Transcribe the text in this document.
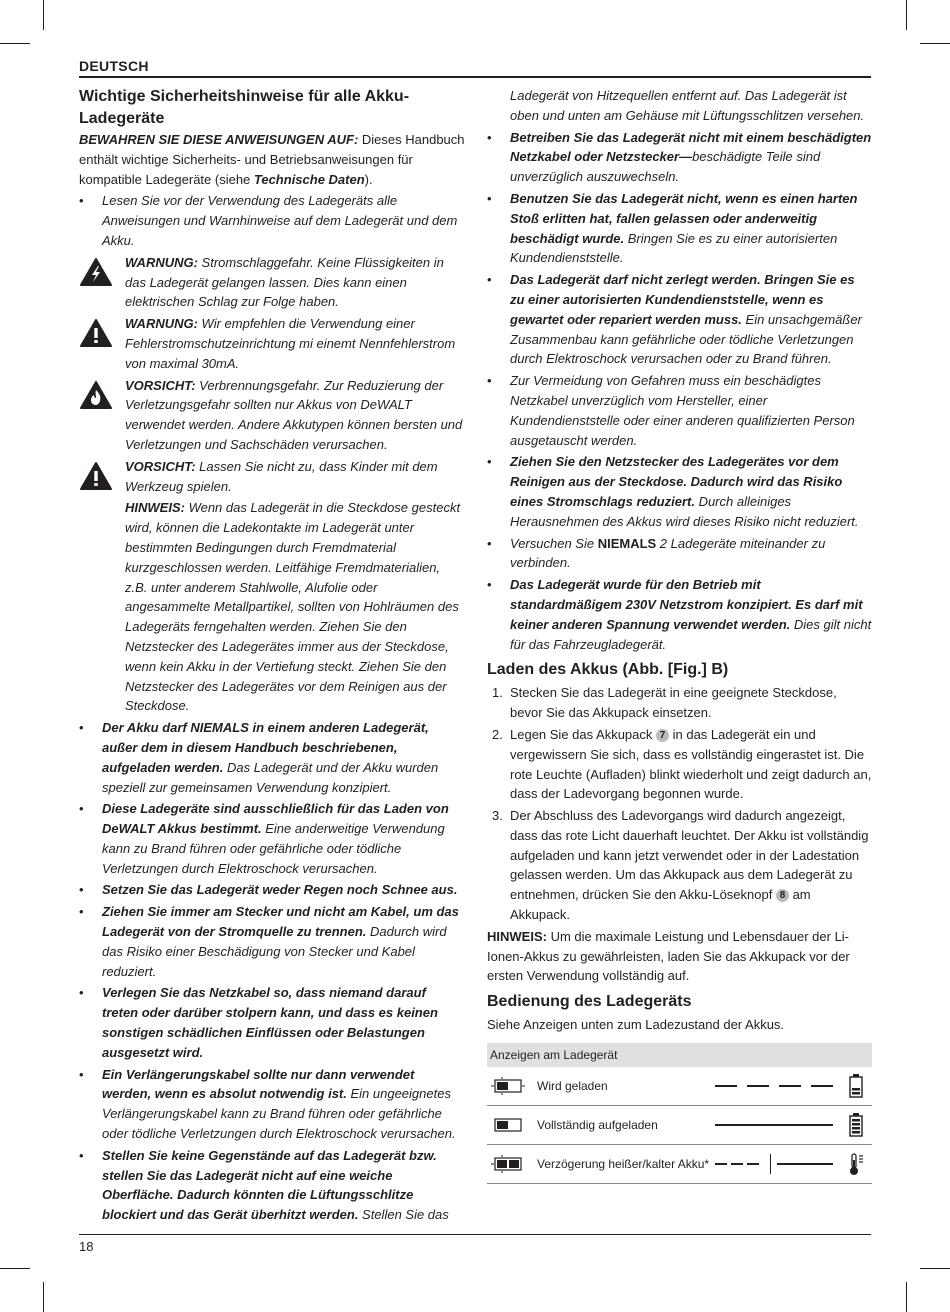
DEUTSCH
Wichtige Sicherheitshinweise für alle Akku-Ladegeräte

BEWAHREN SIE DIESE ANWEISUNGEN AUF: Dieses Handbuch enthält wichtige Sicherheits- und Betriebsanweisungen für kompatible Ladegeräte (siehe Technische Daten).

• Lesen Sie vor der Verwendung des Ladegeräts alle Anweisungen und Warnhinweise auf dem Ladegerät und dem Akku.

WARNUNG: Stromschlaggefahr. Keine Flüssigkeiten in das Ladegerät gelangen lassen. Dies kann einen elektrischen Schlag zur Folge haben.
WARNUNG: Wir empfehlen die Verwendung einer Fehlerstromschutzeinrichtung mi einemt Nennfehlerstrom von maximal 30mA.
VORSICHT: Verbrennungsgefahr. Zur Reduzierung der Verletzungsgefahr sollten nur Akkus von DeWALT verwendet werden. Andere Akkutypen können bersten und Verletzungen und Sachschäden verursachen.
VORSICHT: Lassen Sie nicht zu, dass Kinder mit dem Werkzeug spielen.
HINWEIS: Wenn das Ladegerät in die Steckdose gesteckt wird, können die Ladekontakte im Ladegerät unter bestimmten Bedingungen durch Fremdmaterial kurzgeschlossen werden. Leitfähige Fremdmaterialien, z.B. unter anderem Stahlwolle, Alufolie oder angesammelte Metallpartikel, sollten von Hohlräumen des Ladegeräts ferngehalten werden. Ziehen Sie den Netzstecker des Ladegerätes immer aus der Steckdose, wenn kein Akku in der Vertiefung steckt. Ziehen Sie den Netzstecker des Ladegerätes vor dem Reinigen aus der Steckdose.

• Der Akku darf NIEMALS in einem anderen Ladegerät, außer dem in diesem Handbuch beschriebenen, aufgeladen werden. Das Ladegerät und der Akku wurden speziell zur gemeinsamen Verwendung konzipiert.

• Diese Ladegeräte sind ausschließlich für das Laden von DeWALT Akkus bestimmt. Eine anderweitige Verwendung kann zu Brand führen oder gefährliche oder tödliche Verletzungen durch Elektroschock verursachen.

• Setzen Sie das Ladegerät weder Regen noch Schnee aus.

• Ziehen Sie immer am Stecker und nicht am Kabel, um das Ladegerät von der Stromquelle zu trennen. Dadurch wird das Risiko einer Beschädigung von Stecker und Kabel reduziert.

• Verlegen Sie das Netzkabel so, dass niemand darauf treten oder darüber stolpern kann, und dass es keinen sonstigen schädlichen Einflüssen oder Belastungen ausgesetzt wird.

• Ein Verlängerungskabel sollte nur dann verwendet werden, wenn es absolut notwendig ist. Ein ungeeignetes Verlängerungskabel kann zu Brand führen oder gefährliche oder tödliche Verletzungen durch Elektroschock verursachen.

• Stellen Sie keine Gegenstände auf das Ladegerät bzw. stellen Sie das Ladegerät nicht auf eine weiche Oberfläche. Dadurch könnten die Lüftungsschlitze blockiert und das Gerät überhitzt werden. Stellen Sie das

Ladegerät von Hitzequellen entfernt auf. Das Ladegerät ist oben und unten am Gehäuse mit Lüftungsschlitzen versehen.

• Betreiben Sie das Ladegerät nicht mit einem beschädigten Netzkabel oder Netzstecker—beschädigte Teile sind unverzüglich auszuwechseln.

• Benutzen Sie das Ladegerät nicht, wenn es einen harten Stoß erlitten hat, fallen gelassen oder anderweitig beschädigt wurde. Bringen Sie es zu einer autorisierten Kundendienststelle.

• Das Ladegerät darf nicht zerlegt werden. Bringen Sie es zu einer autorisierten Kundendienststelle, wenn es gewartet oder repariert werden muss. Ein unsachgemäßer Zusammenbau kann gefährliche oder tödliche Verletzungen durch Elektroschock verursachen oder zu Brand führen.

• Zur Vermeidung von Gefahren muss ein beschädigtes Netzkabel unverzüglich vom Hersteller, einer Kundendienststelle oder einer anderen qualifizierten Person ausgetauscht werden.

• Ziehen Sie den Netzstecker des Ladegerätes vor dem Reinigen aus der Steckdose. Dadurch wird das Risiko eines Stromschlags reduziert. Durch alleiniges Herausnehmen des Akkus wird dieses Risiko nicht reduziert.

• Versuchen Sie NIEMALS 2 Ladegeräte miteinander zu verbinden.

• Das Ladegerät wurde für den Betrieb mit standardmäßigem 230V Netzstrom konzipiert. Es darf mit keiner anderen Spannung verwendet werden. Dies gilt nicht für das Fahrzeugladegerät.

Laden des Akkus (Abb. [Fig.] B)

1. Stecken Sie das Ladegerät in eine geeignete Steckdose, bevor Sie das Akkupack einsetzen.

2. Legen Sie das Akkupack 7 in das Ladegerät ein und vergewissern Sie sich, dass es vollständig eingerastet ist. Die rote Leuchte (Aufladen) blinkt wiederholt und zeigt dadurch an, dass der Ladevorgang begonnen wurde.

3. Der Abschluss des Ladevorgangs wird dadurch angezeigt, dass das rote Licht dauerhaft leuchtet. Der Akku ist vollständig aufgeladen und kann jetzt verwendet oder in der Ladestation gelassen werden. Um das Akkupack aus dem Ladegerät zu entnehmen, drücken Sie den Akku-Löseknopf 8 am Akkupack.

HINWEIS: Um die maximale Leistung und Lebensdauer der Li-Ionen-Akkus zu gewährleisten, laden Sie das Akkupack vor der ersten Verwendung vollständig auf.

Bedienung des Ladegeräts

Siehe Anzeigen unten zum Ladezustand der Akkus.

Anzeigen am Ladegerät
Wird geladen
Vollständig aufgeladen
Verzögerung heißer/kalter Akku*
18
